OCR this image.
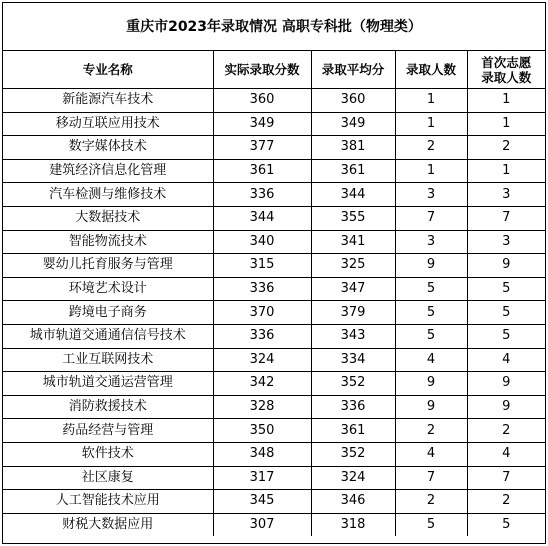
重庆市2023年录取情况 高职专科批（物理类）
专业名称	实际录取分数	录取平均分	录取人数	首次志愿
录取人数

新能源汽车技术	360	360	1	1
移动互联应用技术	349	349	1	1
数字媒体技术	377	381	2	2
建筑经济信息化管理	361	361	1	1
汽车检测与维修技术	336	344	3	3
大数据技术	344	355	7	7
智能物流技术	340	341	3	3
婴幼儿托育服务与管理	315	325	9	9
环境艺术设计	336	347	5	5
跨境电子商务	370	379	5	5
城市轨道交通通信信号技术	336	343	5	5
工业互联网技术	324	334	4	4
城市轨道交通运营管理	342	352	9	9
消防救援技术	328	336	9	9
药品经营与管理	350	361	2	2
软件技术	348	352	4	4
社区康复	317	324	7	7
人工智能技术应用	345	346	2	2
财税大数据应用	307	318	5	5
